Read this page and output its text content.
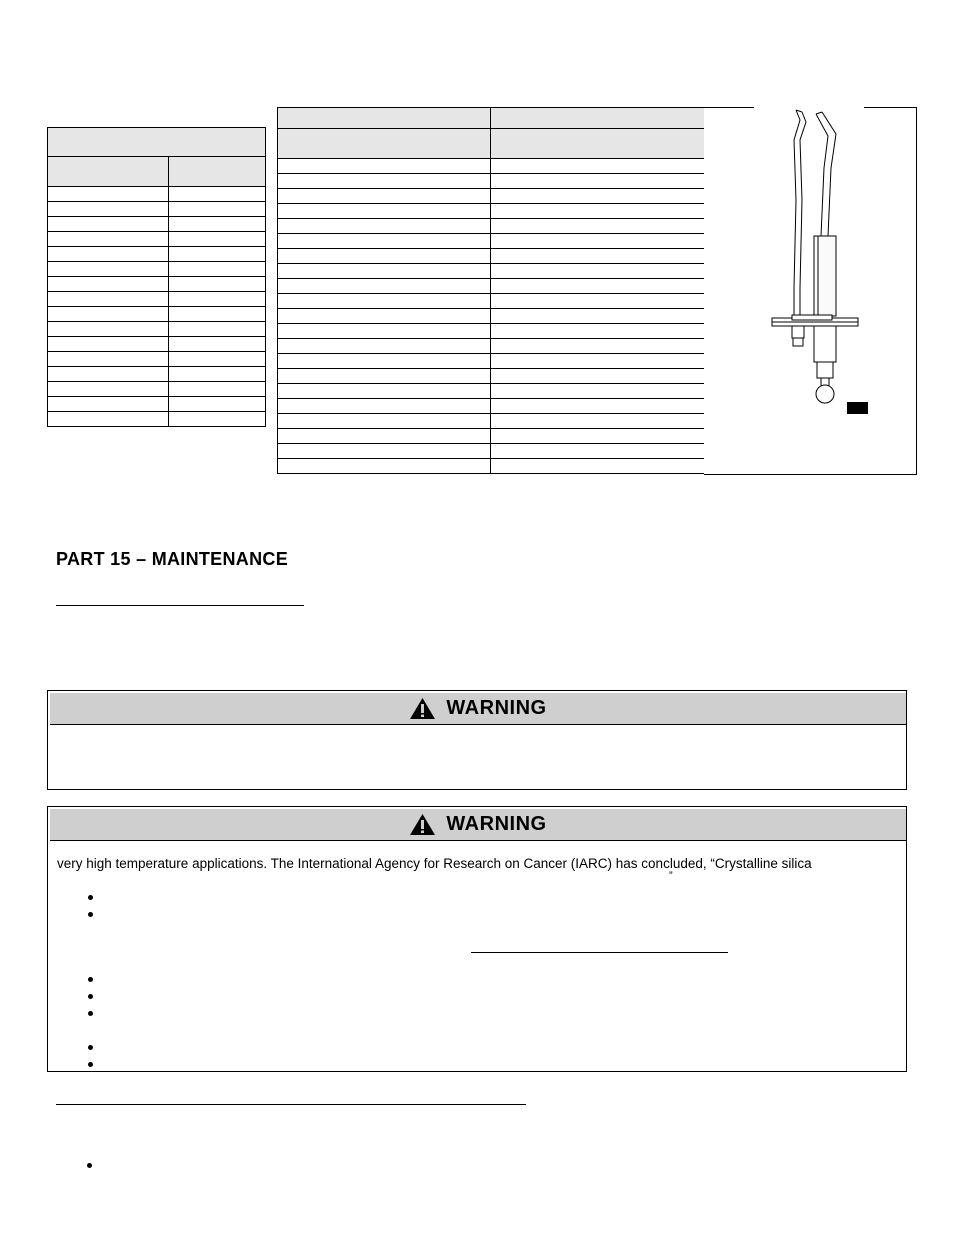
PART 15 – MAINTENANCE
WARNING
WARNING
very high temperature applications. The International Agency for Research on Cancer (IARC) has concluded, “Crystalline silica
”
